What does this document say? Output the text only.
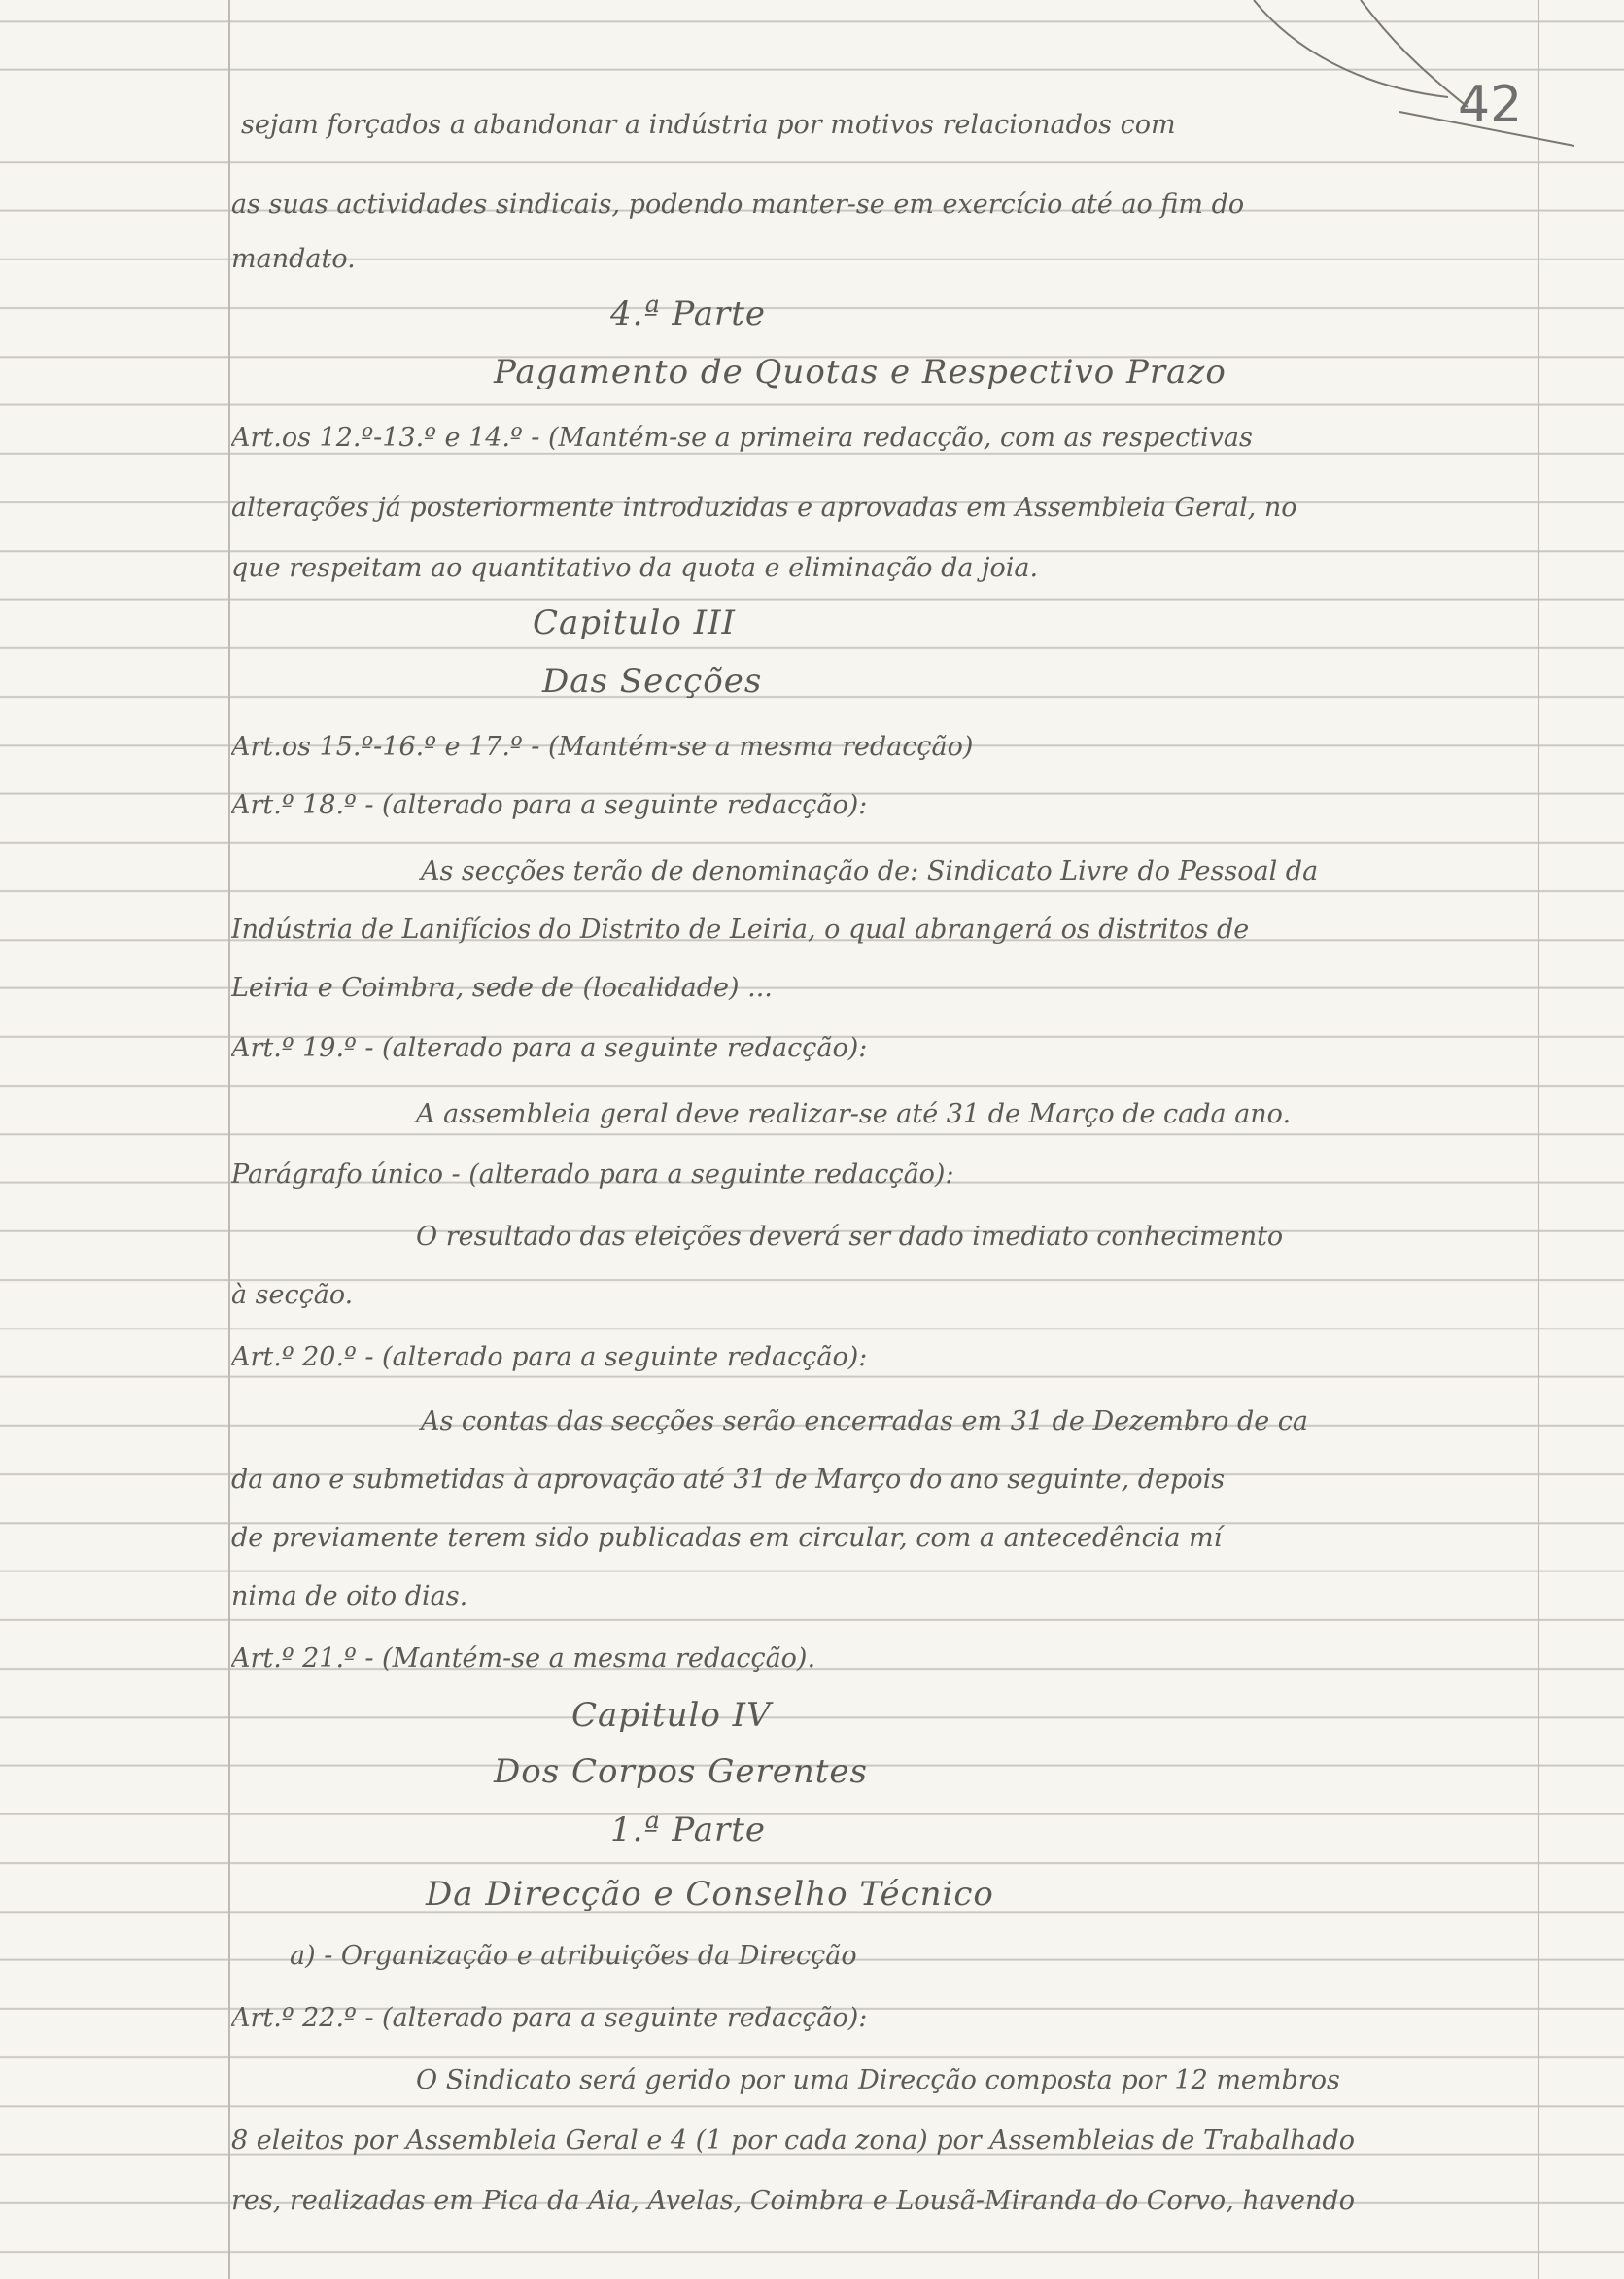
42
sejam forçados a abandonar a indústria por motivos relacionados com
as suas actividades sindicais, podendo manter-se em exercício até ao fim do
mandato.
4.ª Parte
Pagamento de Quotas e Respectivo Prazo
Art.os 12.º-13.º e 14.º - (Mantém-se a primeira redacção, com as respectivas
alterações já posteriormente introduzidas e aprovadas em Assembleia Geral, no
que respeitam ao quantitativo da quota e eliminação da joia.
Capitulo III
Das Secções
Art.os 15.º-16.º e 17.º - (Mantém-se a mesma redacção)
Art.º 18.º - (alterado para a seguinte redacção):
As secções terão de denominação de: Sindicato Livre do Pessoal da
Indústria de Lanifícios do Distrito de Leiria, o qual abrangerá os distritos de
Leiria e Coimbra, sede de (localidade) ...
Art.º 19.º - (alterado para a seguinte redacção):
A assembleia geral deve realizar-se até 31 de Março de cada ano.
Parágrafo único - (alterado para a seguinte redacção):
O resultado das eleições deverá ser dado imediato conhecimento
à secção.
Art.º 20.º - (alterado para a seguinte redacção):
As contas das secções serão encerradas em 31 de Dezembro de ca
da ano e submetidas à aprovação até 31 de Março do ano seguinte, depois
de previamente terem sido publicadas em circular, com a antecedência mí
nima de oito dias.
Art.º 21.º - (Mantém-se a mesma redacção).
Capitulo IV
Dos Corpos Gerentes
1.ª Parte
Da Direcção e Conselho Técnico
a) - Organização e atribuições da Direcção
Art.º 22.º - (alterado para a seguinte redacção):
O Sindicato será gerido por uma Direcção composta por 12 membros
8 eleitos por Assembleia Geral e 4 (1 por cada zona) por Assembleias de Trabalhado
res, realizadas em Pica da Aia, Avelas, Coimbra e Lousã-Miranda do Corvo, havendo
